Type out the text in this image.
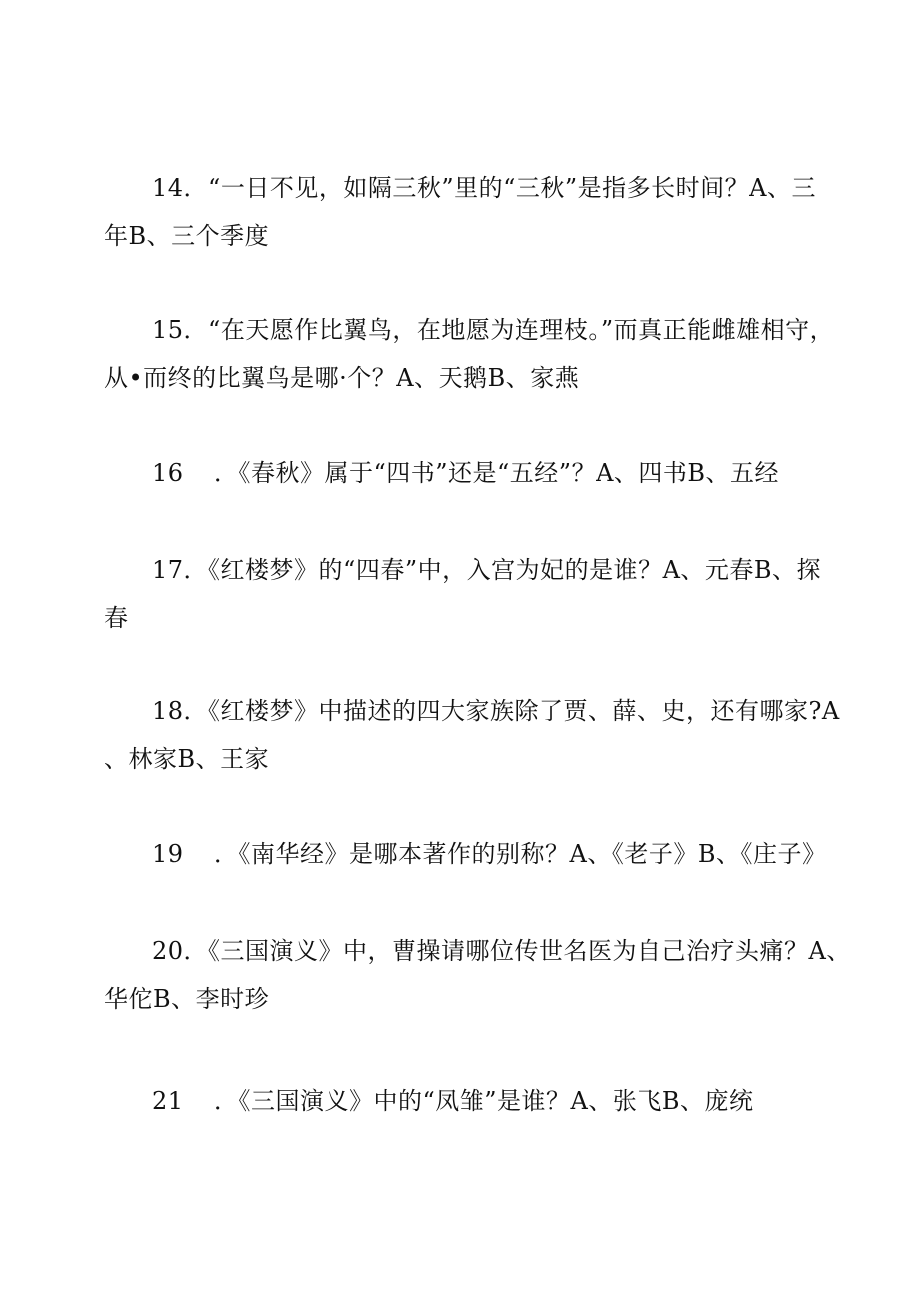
14．“一日不见，如隔三秋”里的“三秋”是指多长时间？A、三
年B、三个季度
15．“在天愿作比翼鸟，在地愿为连理枝。”而真正能雌雄相守，
从•而终的比翼鸟是哪·个？A、天鹅B、家燕
16 ．《春秋》属于“四书”还是“五经”？A、四书B、五经
17．《红楼梦》的“四春”中，入宫为妃的是谁？A、元春B、探
春
18．《红楼梦》中描述的四大家族除了贾、薛、史，还有哪家?A
、林家B、王家
19 ．《南华经》是哪本著作的别称？A、《老子》B、《庄子》
20．《三国演义》中，曹操请哪位传世名医为自己治疗头痛？A、
华佗B、李时珍
21 ．《三国演义》中的“凤雏”是谁？A、张飞B、庞统
